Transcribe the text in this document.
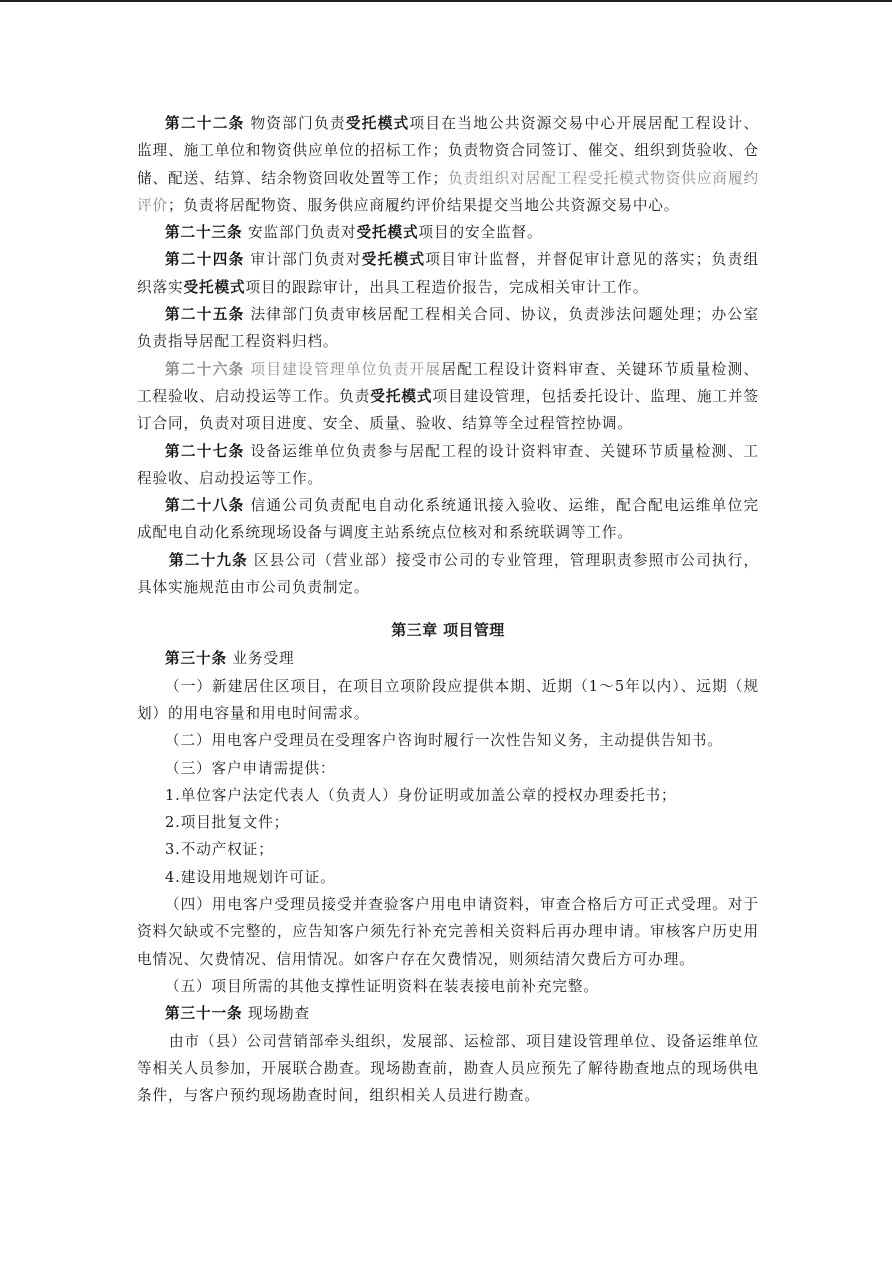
第二十二条 物资部门负责受托模式项目在当地公共资源交易中心开展居配工程设计、监理、施工单位和物资供应单位的招标工作；负责物资合同签订、催交、组织到货验收、仓储、配送、结算、结余物资回收处置等工作；负责组织对居配工程受托模式物资供应商履约评价；负责将居配物资、服务供应商履约评价结果提交当地公共资源交易中心。

第二十三条 安监部门负责对受托模式项目的安全监督。

第二十四条 审计部门负责对受托模式项目审计监督，并督促审计意见的落实；负责组织落实受托模式项目的跟踪审计，出具工程造价报告，完成相关审计工作。

第二十五条 法律部门负责审核居配工程相关合同、协议，负责涉法问题处理；办公室负责指导居配工程资料归档。

第二十六条 项目建设管理单位负责开展居配工程设计资料审查、关键环节质量检测、工程验收、启动投运等工作。负责受托模式项目建设管理，包括委托设计、监理、施工并签订合同，负责对项目进度、安全、质量、验收、结算等全过程管控协调。

第二十七条 设备运维单位负责参与居配工程的设计资料审查、关键环节质量检测、工程验收、启动投运等工作。

第二十八条 信通公司负责配电自动化系统通讯接入验收、运维，配合配电运维单位完成配电自动化系统现场设备与调度主站系统点位核对和系统联调等工作。

第二十九条 区县公司（营业部）接受市公司的专业管理，管理职责参照市公司执行，具体实施规范由市公司负责制定。

第三章 项目管理

第三十条 业务受理

（一）新建居住区项目，在项目立项阶段应提供本期、近期（1～5年以内）、远期（规划）的用电容量和用电时间需求。

（二）用电客户受理员在受理客户咨询时履行一次性告知义务，主动提供告知书。

（三）客户申请需提供：

1.单位客户法定代表人（负责人）身份证明或加盖公章的授权办理委托书；

2.项目批复文件；

3.不动产权证；

4.建设用地规划许可证。

（四）用电客户受理员接受并查验客户用电申请资料，审查合格后方可正式受理。对于资料欠缺或不完整的，应告知客户须先行补充完善相关资料后再办理申请。审核客户历史用电情况、欠费情况、信用情况。如客户存在欠费情况，则须结清欠费后方可办理。

（五）项目所需的其他支撑性证明资料在装表接电前补充完整。

第三十一条 现场勘查

由市（县）公司营销部牵头组织，发展部、运检部、项目建设管理单位、设备运维单位等相关人员参加，开展联合勘查。现场勘查前，勘查人员应预先了解待勘查地点的现场供电条件，与客户预约现场勘查时间，组织相关人员进行勘查。
